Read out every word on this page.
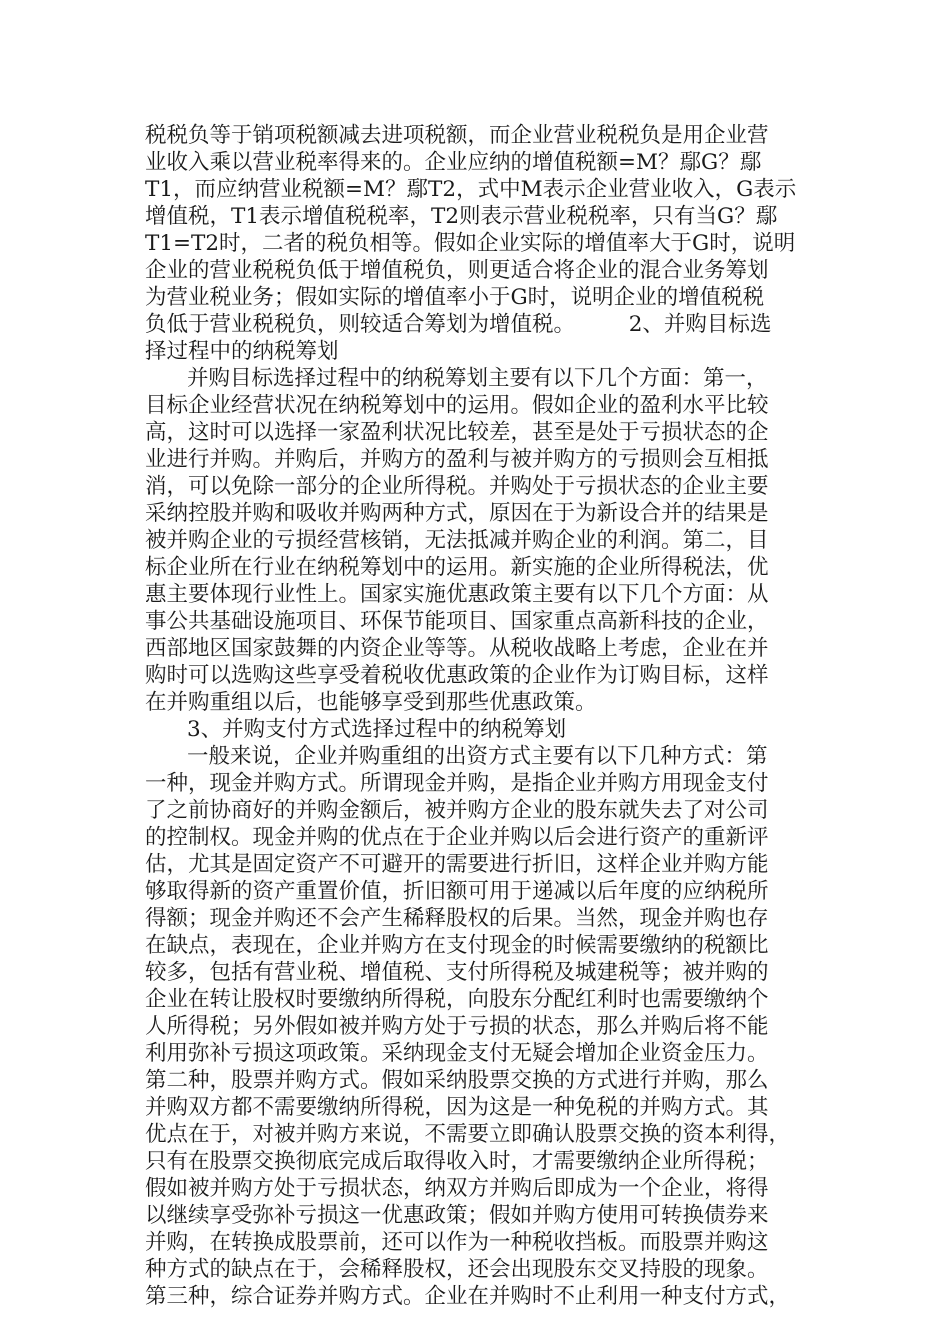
税税负等于销项税额减去进项税额，而企业营业税税负是用企业营
业收入乘以营业税率得来的。企业应纳的增值税额=M？鄢G？鄢
T1，而应纳营业税额=M？鄢T2，式中M表示企业营业收入，G表示
增值税，T1表示增值税税率，T2则表示营业税税率，只有当G？鄢
T1=T2时，二者的税负相等。假如企业实际的增值率大于G时，说明
企业的营业税税负低于增值税负，则更适合将企业的混合业务筹划
为营业税业务；假如实际的增值率小于G时，说明企业的增值税税
负低于营业税税负，则较适合筹划为增值税。　　　2、并购目标选
择过程中的纳税筹划
并购目标选择过程中的纳税筹划主要有以下几个方面：第一，
目标企业经营状况在纳税筹划中的运用。假如企业的盈利水平比较
高，这时可以选择一家盈利状况比较差，甚至是处于亏损状态的企
业进行并购。并购后，并购方的盈利与被并购方的亏损则会互相抵
消，可以免除一部分的企业所得税。并购处于亏损状态的企业主要
采纳控股并购和吸收并购两种方式，原因在于为新设合并的结果是
被并购企业的亏损经营核销，无法抵减并购企业的利润。第二，目
标企业所在行业在纳税筹划中的运用。新实施的企业所得税法，优
惠主要体现行业性上。国家实施优惠政策主要有以下几个方面：从
事公共基础设施项目、环保节能项目、国家重点高新科技的企业，
西部地区国家鼓舞的内资企业等等。从税收战略上考虑，企业在并
购时可以选购这些享受着税收优惠政策的企业作为订购目标，这样
在并购重组以后，也能够享受到那些优惠政策。
3、并购支付方式选择过程中的纳税筹划
一般来说，企业并购重组的出资方式主要有以下几种方式：第
一种，现金并购方式。所谓现金并购，是指企业并购方用现金支付
了之前协商好的并购金额后，被并购方企业的股东就失去了对公司
的控制权。现金并购的优点在于企业并购以后会进行资产的重新评
估，尤其是固定资产不可避开的需要进行折旧，这样企业并购方能
够取得新的资产重置价值，折旧额可用于递减以后年度的应纳税所
得额；现金并购还不会产生稀释股权的后果。当然，现金并购也存
在缺点，表现在，企业并购方在支付现金的时候需要缴纳的税额比
较多，包括有营业税、增值税、支付所得税及城建税等；被并购的
企业在转让股权时要缴纳所得税，向股东分配红利时也需要缴纳个
人所得税；另外假如被并购方处于亏损的状态，那么并购后将不能
利用弥补亏损这项政策。采纳现金支付无疑会增加企业资金压力。
第二种，股票并购方式。假如采纳股票交换的方式进行并购，那么
并购双方都不需要缴纳所得税，因为这是一种免税的并购方式。其
优点在于，对被并购方来说，不需要立即确认股票交换的资本利得，
只有在股票交换彻底完成后取得收入时，才需要缴纳企业所得税；
假如被并购方处于亏损状态，纳双方并购后即成为一个企业，将得
以继续享受弥补亏损这一优惠政策；假如并购方使用可转换债券来
并购，在转换成股票前，还可以作为一种税收挡板。而股票并购这
种方式的缺点在于，会稀释股权，还会出现股东交叉持股的现象。
第三种，综合证券并购方式。企业在并购时不止利用一种支付方式，
